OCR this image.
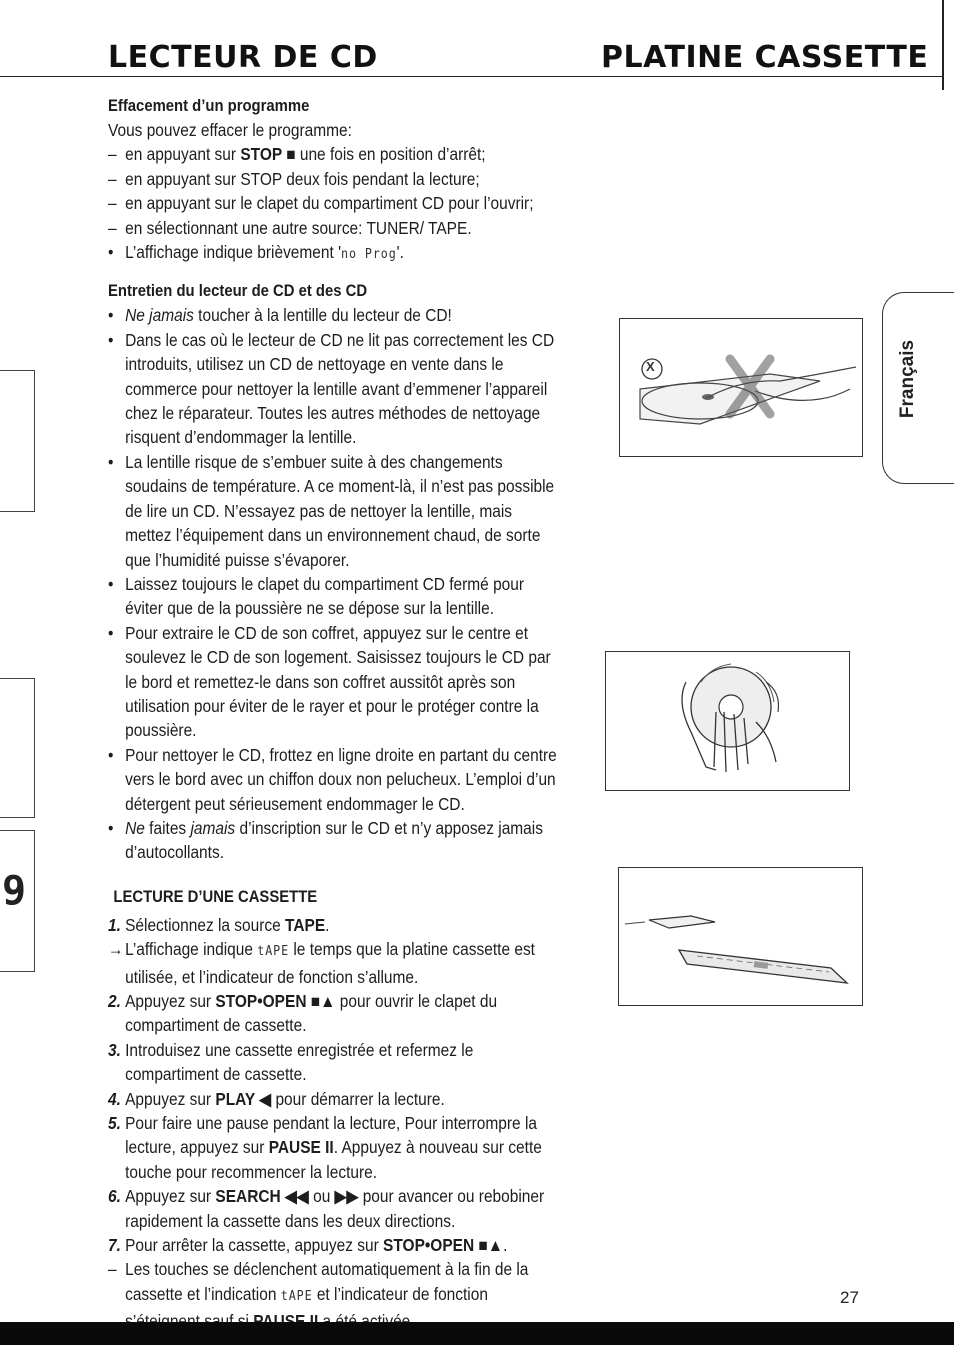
LECTEUR DE CD	PLATINE CASSETTE
9
Français

Effacement d’un programme

Vous pouvez effacer le programme:

– en appuyant sur STOP ■ une fois en position d’arrêt;
– en appuyant sur STOP deux fois pendant la lecture;
– en appuyant sur le clapet du compartiment CD pour l’ouvrir;
– en sélectionnant une autre source: TUNER/ TAPE.
• L’affichage indique brièvement 'no Prog'.

Entretien du lecteur de CD et des CD

• Ne jamais toucher à la lentille du lecteur de CD!
• Dans le cas où le lecteur de CD ne lit pas correctement les CD introduits, utilisez un CD de nettoyage en vente dans le commerce pour nettoyer la lentille avant d’emmener l’appareil chez le réparateur. Toutes les autres méthodes de nettoyage risquent d’endommager la lentille.
• La lentille risque de s’embuer suite à des changements soudains de température. A ce moment-là, il n’est pas possible de lire un CD. N’essayez pas de nettoyer la lentille, mais mettez l’équipement dans un environnement chaud, de sorte que l’humidité puisse s’évaporer.
• Laissez toujours le clapet du compartiment CD fermé pour éviter que de la poussière ne se dépose sur la lentille.
• Pour extraire le CD de son coffret, appuyez sur le centre et soulevez le CD de son logement. Saisissez toujours le CD par le bord et remettez-le dans son coffret aussitôt après son utilisation pour éviter de le rayer et pour le protéger contre la poussière.
• Pour nettoyer le CD, frottez en ligne droite en partant du centre vers le bord avec un chiffon doux non pelucheux. L’emploi d’un détergent peut sérieusement endommager le CD.
• Ne faites jamais d’inscription sur le CD et n’y apposez jamais d’autocollants.

LECTURE D’UNE CASSETTE

1. Sélectionnez la source TAPE.
→ L’affichage indique tAPE le temps que la platine cassette est utilisée, et l’indicateur de fonction s’allume.
2. Appuyez sur STOP•OPEN ■▲ pour ouvrir le clapet du compartiment de cassette.
3. Introduisez une cassette enregistrée et refermez le compartiment de cassette.
4. Appuyez sur PLAY ◀ pour démarrer la lecture.
5. Pour faire une pause pendant la lecture, Pour interrompre la lecture, appuyez sur PAUSE II. Appuyez à nouveau sur cette touche pour recommencer la lecture.
6. Appuyez sur SEARCH ◀◀ ou ▶▶ pour avancer ou rebobiner rapidement la cassette dans les deux directions.
7. Pour arrêter la cassette, appuyez sur STOP•OPEN ■▲.
– Les touches se déclenchent automatiquement à la fin de la cassette et l’indication tAPE et l’indicateur de fonction
X
27
